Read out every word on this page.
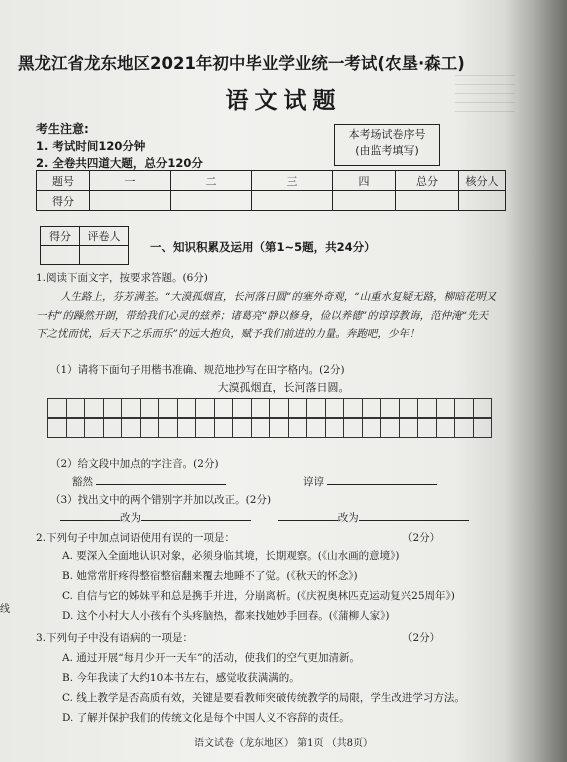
黑龙江省龙东地区2021年初中毕业学业统一考试(农垦·森工)
语文试题
考生注意:
1. 考试时间120分钟
2. 全卷共四道大题，总分120分
本考场试卷序号
(由监考填写)
题号	一	二	三	四	总分	核分人
得分						
得分	评卷人

一、知识积累及运用（第1~5题，共24分）
1.阅读下面文字，按要求答题。(6分)
人生路上，芬芳满荃。“大漠孤烟直，长河落日圆”的塞外奇观，“山重水复疑无路，柳暗花明又一村”的躁然开朗，带给我们心灵的兹养；诸葛亮“静以修身，俭以养德”的谆谆教诲，范仲淹“先天下之忧而忧，后天下之乐而乐”的远大抱负，赋予我们前进的力量。奔跑吧，少年！
（1）请将下面句子用楷书准确、规范地抄写在田字格内。(2分)
大漠孤烟直，长河落日圆。
（2）给文段中加点的字注音。(2分)
豁然	谆谆
（3）找出文中的两个错别字并加以改正。(2分)
改为	改为
2.下列句子中加点词语使用有误的一项是：	（2分）
A. 要深入全面地认识对象，必须身临其境，长期观察。(《山水画的意境》)
B. 她常常肝疼得整宿整宿翻来覆去地睡不了觉。(《秋天的怀念》)
C. 自信与它的姊妹平和总是携手并进，分崩离析。(《庆祝奥林匹克运动复兴25周年》)
D. 这个小村大人小孩有个头疼脑热，都来找她妙手回春。(《蒲柳人家》)
3.下列句子中没有语病的一项是：	（2分）
A. 通过开展“每月少开一天车”的活动，使我们的空气更加清新。
B. 今年我读了大约10本书左右，感觉收获满满的。
C. 线上教学是否高质有效，关键是要看教师突破传统教学的局限，学生改进学习方法。
D. 了解并保护我们的传统文化是每个中国人义不容辞的责任。
线
语文试卷（龙东地区） 第1页 （共8页）
